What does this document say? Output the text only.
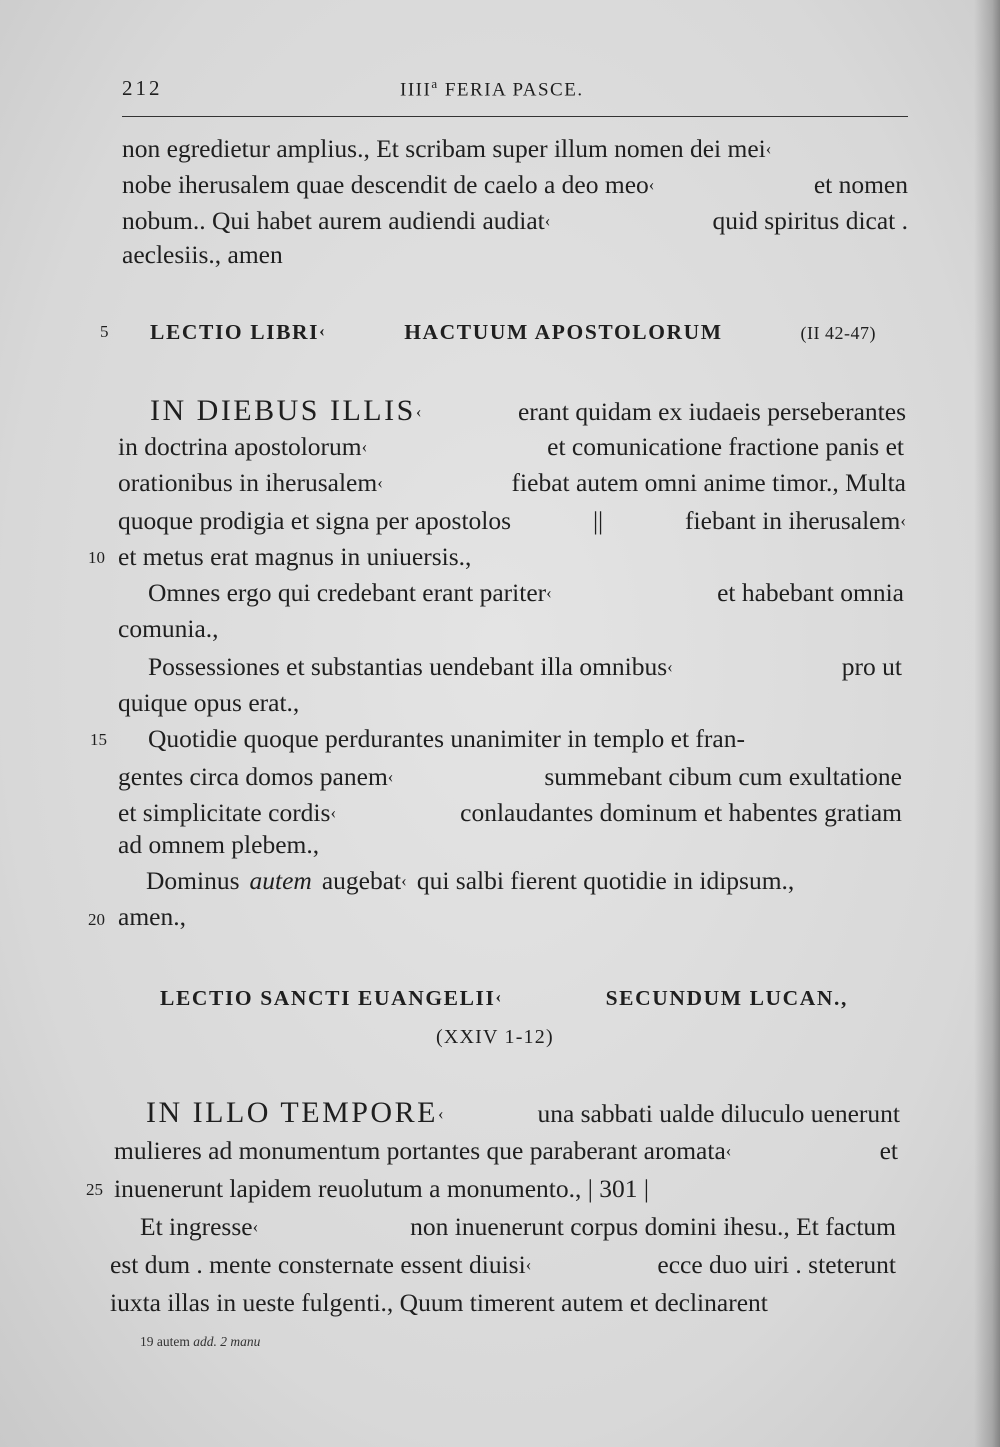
212	IIII$^a$ FERIA PASCE.
non egredietur amplius., Et scribam super illum nomen dei mei ‹
nobe iherusalem quae descendit de caelo a deo meo‹	et nomen
nobum.. Qui habet aurem audiendi audiat‹	quid spiritus dicat .
aeclesiis., amen
5 LECTIO LIBRI‹	HACTUUM APOSTOLORUM	(II 42-47)
IN DIEBUS ILLIS‹	erant quidam ex iudaeis perseberantes
in doctrina apostolorum‹	et comunicatione fractione panis et
orationibus in iherusalem‹	fiebat autem omni anime timor., Multa
quoque prodigia et signa per apostolos	||	fiebant in iherusalem‹
10 et metus erat magnus in uniuersis.,
Omnes ergo qui credebant erant pariter‹	et habebant omnia
comunia.,
Possessiones et substantias uendebant illa omnibus‹	pro ut
quique opus erat.,
15 Quotidie quoque perdurantes unanimiter in templo et fran-
gentes circa domos panem‹	summebant cibum cum exultatione
et simplicitate cordis‹	conlaudantes dominum et habentes gratiam
ad omnem plebem.,
Dominus autem augebat‹ qui salbi fierent quotidie in idipsum.,
20 amen.,
LECTIO SANCTI EUANGELII‹	SECUNDUM LUCAN.,
(XXIV 1-12)
IN ILLO TEMPORE‹	una sabbati ualde diluculo uenerunt
mulieres ad monumentum portantes que paraberant aromata‹	et
25 inuenerunt lapidem reuolutum a monumento., | 301 |
Et ingresse‹	non inuenerunt corpus domini ihesu., Et factum
est dum . mente consternate essent diuisi‹	ecce duo uiri . steterunt
iuxta illas in ueste fulgenti., Quum timerent autem et declinarent
19 autem add. 2 manu
